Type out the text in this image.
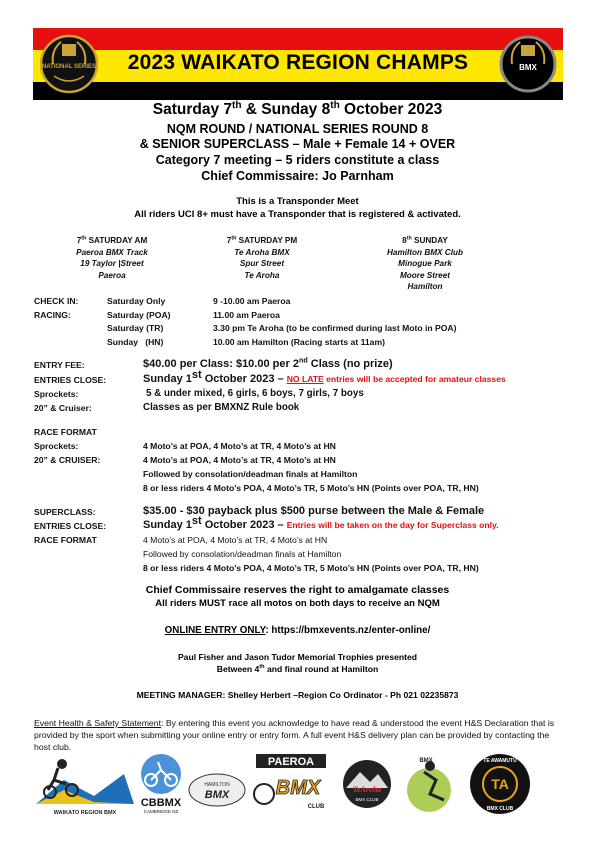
2023 WAIKATO REGION CHAMPS
NATIONAL SERIES	BMX
Saturday 7th & Sunday 8th October 2023
NQM ROUND / NATIONAL SERIES ROUND 8
& SENIOR SUPERCLASS – Male + Female 14 + OVER
Category 7 meeting – 5 riders constitute a class
Chief Commissaire: Jo Parnham
This is a Transponder Meet
All riders UCI 8+ must have a Transponder that is registered & activated.
7th SATURDAY AM
Paeroa BMX Track
19 Taylor |Street
Paeroa
7th SATURDAY PM
Te Aroha BMX
Spur Street
Te Aroha
8th SUNDAY
Hamilton BMX Club
Minogue Park
Moore Street
Hamilton
CHECK IN:	Saturday Only	9 -10.00 am Paeroa
RACING:	Saturday (POA)	11.00 am Paeroa
Saturday (TR)	3.30 pm Te Aroha (to be confirmed during last Moto in POA)
Sunday   (HN)	10.00 am Hamilton (Racing starts at 11am)
ENTRY FEE:	$40.00 per Class: $10.00 per 2nd Class (no prize)
ENTRIES CLOSE:	Sunday 1st October 2023 – NO LATE entries will be accepted for amateur classes
Sprockets:	5 & under mixed, 6 girls, 6 boys, 7 girls, 7 boys
20” & Cruiser:	Classes as per BMXNZ Rule book
RACE FORMAT
Sprockets:	4 Moto’s at POA, 4 Moto’s at TR, 4 Moto’s at HN
20” & CRUISER:	4 Moto’s at POA, 4 Moto’s at TR, 4 Moto’s at HN
Followed by consolation/deadman finals at Hamilton
8 or less riders 4 Moto’s POA, 4 Moto’s TR, 5 Moto’s HN (Points over POA, TR, HN)
SUPERCLASS:	$35.00 - $30 payback plus $500 purse between the Male & Female
ENTRIES CLOSE:	Sunday 1st October 2023 – Entries will be taken on the day for Superclass only.
RACE FORMAT	4 Moto’s at POA, 4 Moto’s at TR, 4 Moto’s at HN
Followed by consolation/deadman finals at Hamilton
8 or less riders 4 Moto’s POA, 4 Moto’s TR, 5 Moto’s HN (Points over POA, TR, HN)
Chief Commissaire reserves the right to amalgamate classes
All riders MUST race all motos on both days to receive an NQM
ONLINE ENTRY ONLY: https://bmxevents.nz/enter-online/
Paul Fisher and Jason Tudor Memorial Trophies presented
Between 4th and final round at Hamilton
MEETING MANAGER: Shelley Herbert –Region Co Ordinator - Ph 021 02235873
Event Health & Safety Statement: By entering this event you acknowledge to have read & understood the event H&S Declaration that is provided by the sport when submitting your online entry or entry form. A full event H&S delivery plan can be provided by contacting the host club.
WAIKATO REGION BMX
CBBMX
CAMBRIDGE NZ
HAMILTON
BMX
PAEROA
BMX
CLUB
TeAroha
BMX CLUB
BMX
TA
TE AWAMUTU
BMX CLUB
